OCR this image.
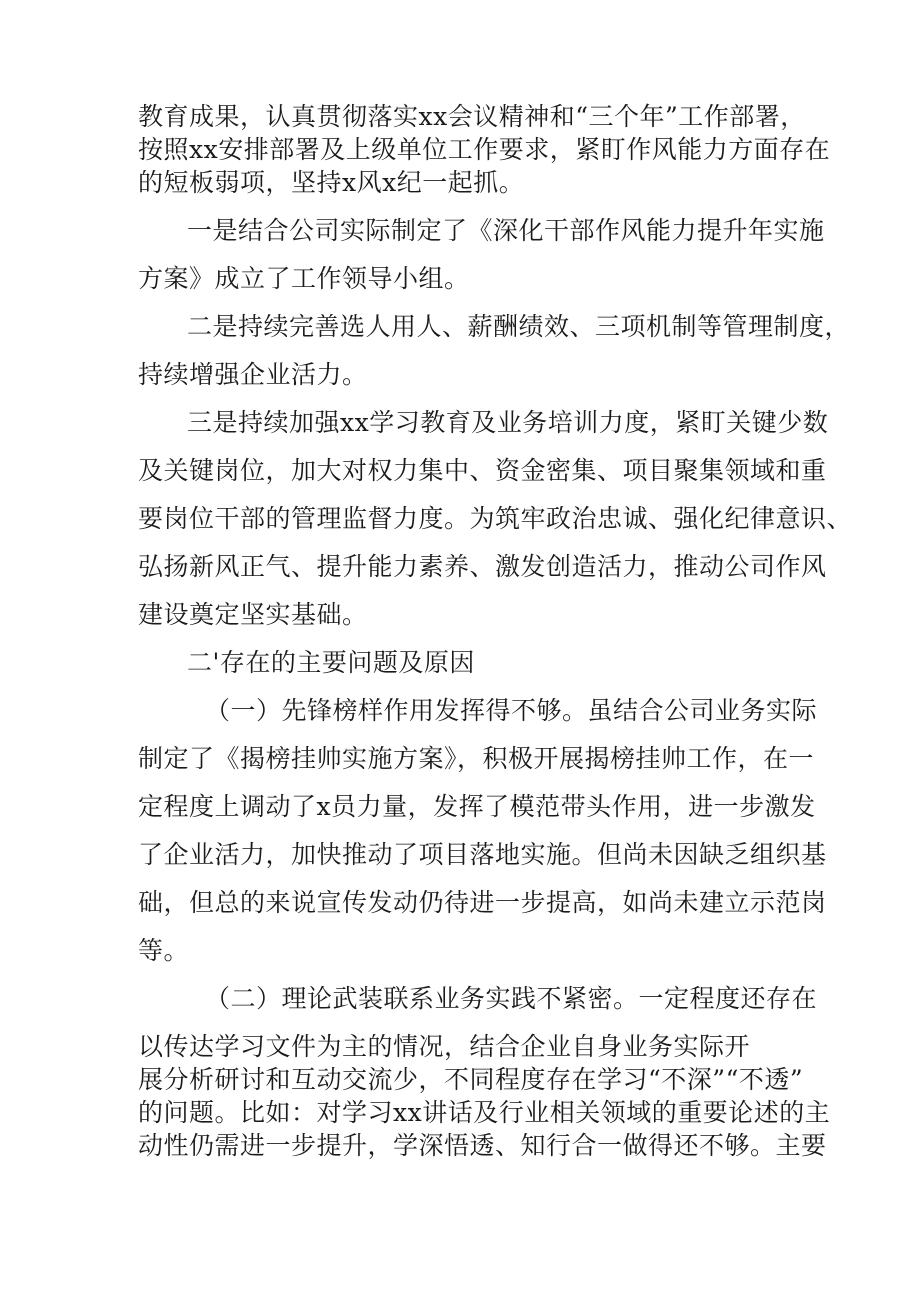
教育成果，认真贯彻落实xx会议精神和“三个年”工作部署，
按照xx安排部署及上级单位工作要求，紧盯作风能力方面存在
的短板弱项，坚持x风x纪一起抓。
一是结合公司实际制定了《深化干部作风能力提升年实施
方案》成立了工作领导小组。
二是持续完善选人用人、薪酬绩效、三项机制等管理制度，
持续增强企业活力。
三是持续加强xx学习教育及业务培训力度，紧盯关键少数
及关键岗位，加大对权力集中、资金密集、项目聚集领域和重
要岗位干部的管理监督力度。为筑牢政治忠诚、强化纪律意识、
弘扬新风正气、提升能力素养、激发创造活力，推动公司作风
建设奠定坚实基础。
二'存在的主要问题及原因
（一）先锋榜样作用发挥得不够。虽结合公司业务实际
制定了《揭榜挂帅实施方案》，积极开展揭榜挂帅工作，在一
定程度上调动了x员力量，发挥了模范带头作用，进一步激发
了企业活力，加快推动了项目落地实施。但尚未因缺乏组织基
础，但总的来说宣传发动仍待进一步提高，如尚未建立示范岗
等。
（二）理论武装联系业务实践不紧密。一定程度还存在
以传达学习文件为主的情况，结合企业自身业务实际开
展分析研讨和互动交流少，不同程度存在学习“不深”“不透”
的问题。比如：对学习xx讲话及行业相关领域的重要论述的主
动性仍需进一步提升，学深悟透、知行合一做得还不够。主要
